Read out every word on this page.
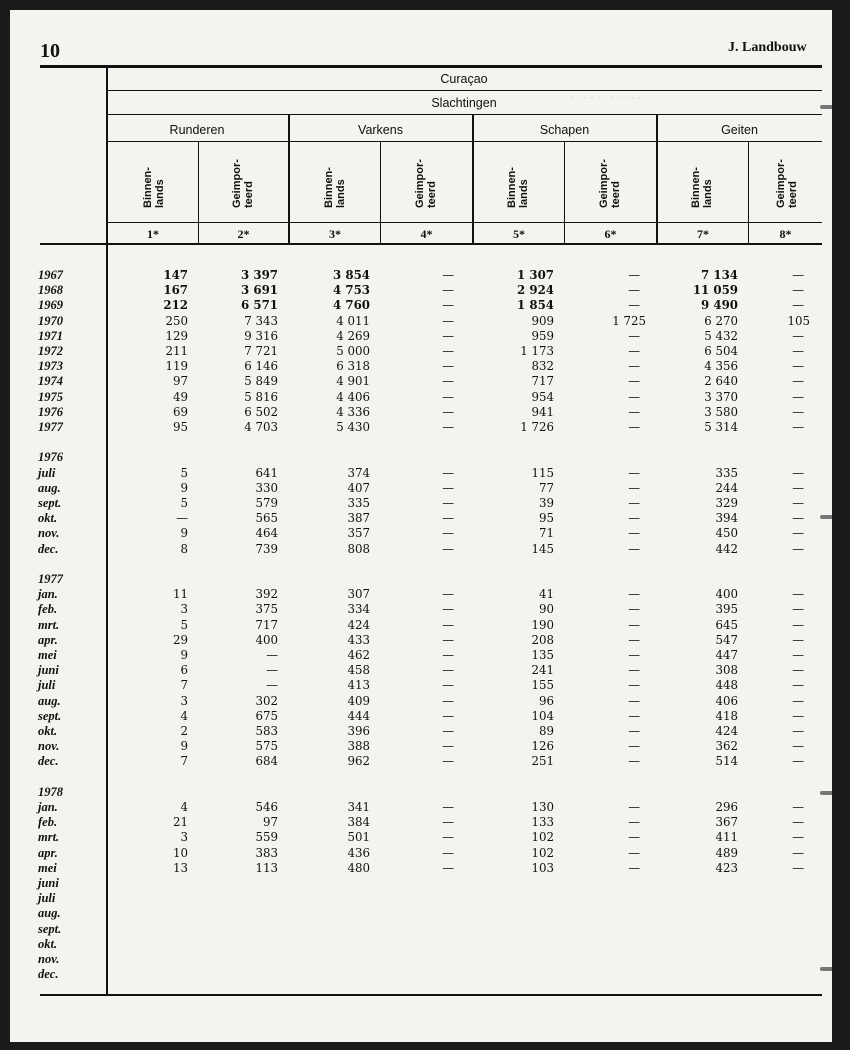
· · · · · · · · · · ·
10	J. Landbouw
Curaçao
Slachtingen
Runderen	Varkens	Schapen	Geiten
Binnen- lands	Geimpor- teerd	Binnen- lands	Geimpor- teerd	Binnen- lands	Geimpor- teerd	Binnen- lands	Geimpor- teerd
1*	2*	3*	4*	5*	6*	7*	8*
1967	147	3 397	3 854	—	1 307	—	7 134	—
1968	167	3 691	4 753	—	2 924	—	11 059	—
1969	212	6 571	4 760	—	1 854	—	9 490	—
1970	250	7 343	4 011	—	909	1 725	6 270	105
1971	129	9 316	4 269	—	959	—	5 432	—
1972	211	7 721	5 000	—	1 173	—	6 504	—
1973	119	6 146	6 318	—	832	—	4 356	—
1974	97	5 849	4 901	—	717	—	2 640	—
1975	49	5 816	4 406	—	954	—	3 370	—
1976	69	6 502	4 336	—	941	—	3 580	—
1977	95	4 703	5 430	—	1 726	—	5 314	—
1976
juli	5	641	374	—	115	—	335	—
aug.	9	330	407	—	77	—	244	—
sept.	5	579	335	—	39	—	329	—
okt.	—	565	387	—	95	—	394	—
nov.	9	464	357	—	71	—	450	—
dec.	8	739	808	—	145	—	442	—
1977
jan.	11	392	307	—	41	—	400	—
feb.	3	375	334	—	90	—	395	—
mrt.	5	717	424	—	190	—	645	—
apr.	29	400	433	—	208	—	547	—
mei	9	—	462	—	135	—	447	—
juni	6	—	458	—	241	—	308	—
juli	7	—	413	—	155	—	448	—
aug.	3	302	409	—	96	—	406	—
sept.	4	675	444	—	104	—	418	—
okt.	2	583	396	—	89	—	424	—
nov.	9	575	388	—	126	—	362	—
dec.	7	684	962	—	251	—	514	—
1978
jan.	4	546	341	—	130	—	296	—
feb.	21	97	384	—	133	—	367	—
mrt.	3	559	501	—	102	—	411	—
apr.	10	383	436	—	102	—	489	—
mei	13	113	480	—	103	—	423	—
juni
juli
aug.
sept.
okt.
nov.
dec.
